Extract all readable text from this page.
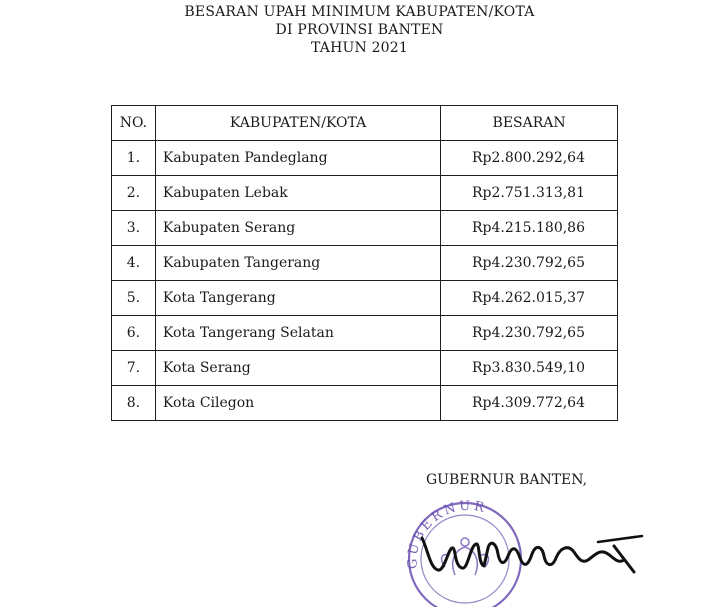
BESARAN UPAH MINIMUM KABUPATEN/KOTA
DI PROVINSI BANTEN
TAHUN 2021
NO.	KABUPATEN/KOTA	BESARAN
1.	Kabupaten Pandeglang	Rp2.800.292,64
2.	Kabupaten Lebak	Rp2.751.313,81
3.	Kabupaten Serang	Rp4.215.180,86
4.	Kabupaten Tangerang	Rp4.230.792,65
5.	Kota Tangerang	Rp4.262.015,37
6.	Kota Tangerang Selatan	Rp4.230.792,65
7.	Kota Serang	Rp3.830.549,10
8.	Kota Cilegon	Rp4.309.772,64
GUBERNUR BANTEN,
GUBERNUR
